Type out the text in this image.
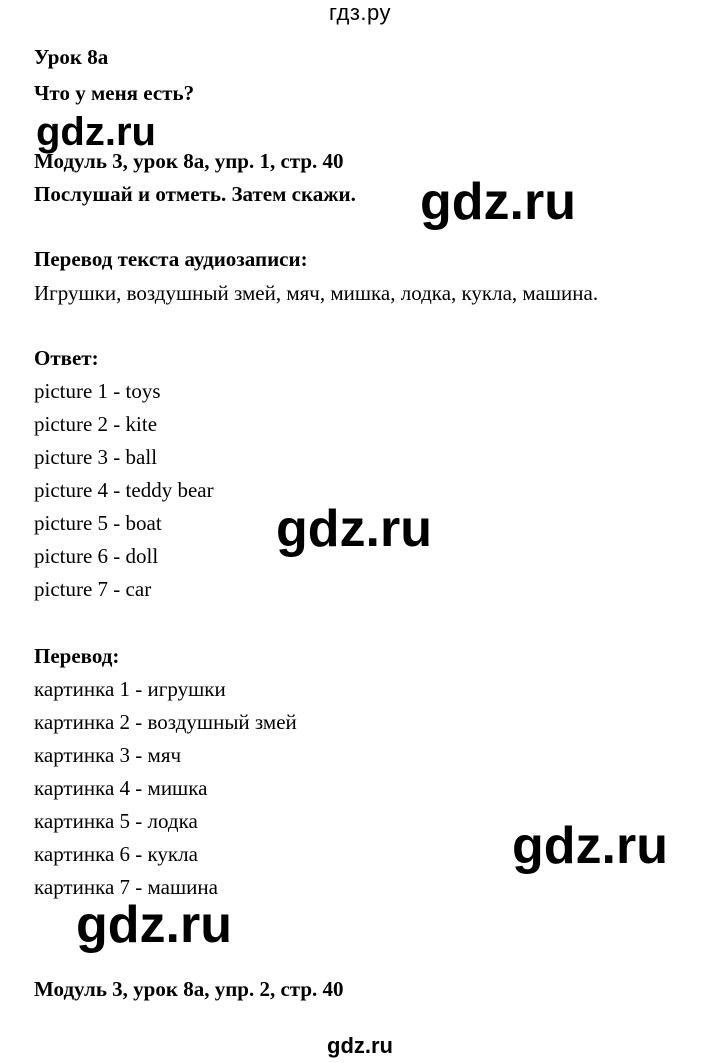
гдз.ру
Урок 8а
Что у меня есть?
gdz.ru
Модуль 3, урок 8а, упр. 1, стр. 40
Послушай и отметь. Затем скажи. gdz.ru
Перевод текста аудиозаписи:
Игрушки, воздушный змей, мяч, мишка, лодка, кукла, машина.
Ответ:
picture 1 - toys
picture 2 - kite
picture 3 - ball
picture 4 - teddy bear
picture 5 - boat
picture 6 - doll
picture 7 - car
gdz.ru
Перевод:
картинка 1 - игрушки
картинка 2 - воздушный змей
картинка 3 - мяч
картинка 4 - мишка
картинка 5 - лодка
картинка 6 - кукла
картинка 7 - машина
gdz.ru
gdz.ru
Модуль 3, урок 8а, упр. 2, стр. 40
gdz.ru
